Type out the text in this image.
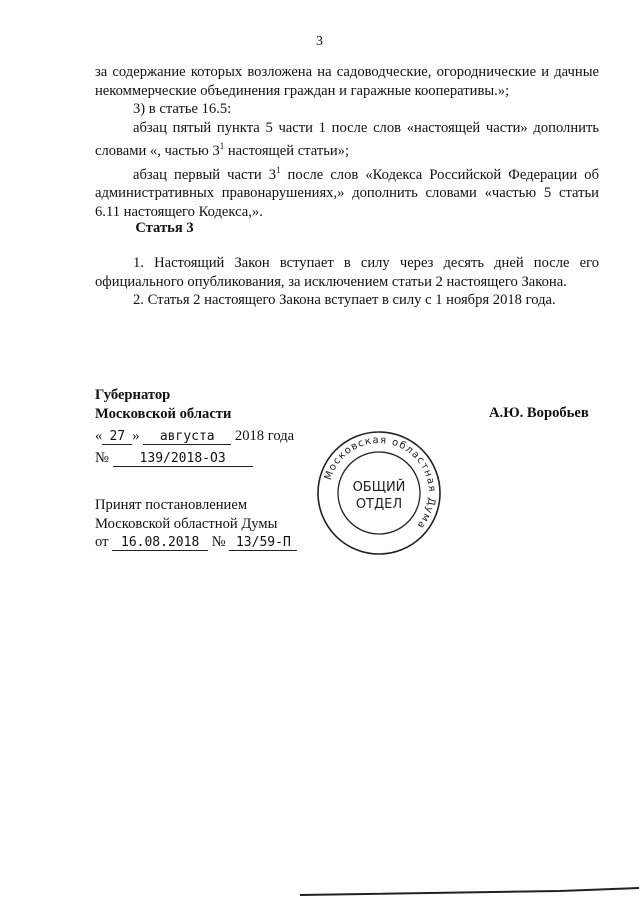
3

за содержание которых возложена на садоводческие, огороднические и дачные некоммерческие объединения граждан и гаражные кооперативы.»;

3) в статье 16.5:

абзац пятый пункта 5 части 1 после слов «настоящей части» дополнить словами «, частью $3^1$ настоящей статьи»;

абзац первый части $3^1$ после слов «Кодекса Российской Федерации об административных правонарушениях,» дополнить словами «частью 5 статьи 6.11 настоящего Кодекса,».

Статья 3

1. Настоящий Закон вступает в силу через десять дней после его официального опубликования, за исключением статьи 2 настоящего Закона.

2. Статья 2 настоящего Закона вступает в силу с 1 ноября 2018 года.

Губернатор
Московской области	А.Ю. Воробьев
« 27 » августа 2018 года
№ 139/2018-ОЗ
Принят постановлением
Московской областной Думы
от 16.08.2018 № 13/59-П
Московская областная Дума
ОБЩИЙ
ОТДЕЛ
